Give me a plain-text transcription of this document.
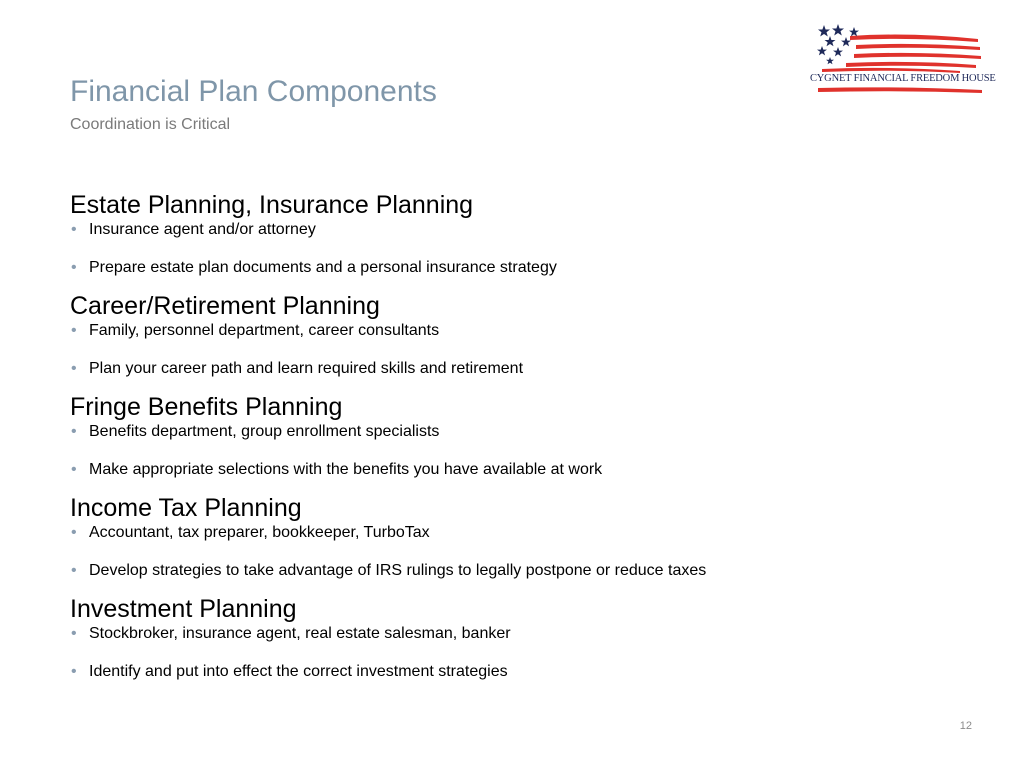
CYGNET FINANCIAL FREEDOM HOUSE
Financial Plan Components
Coordination is Critical
Estate Planning, Insurance Planning
• Insurance agent and/or attorney
• Prepare estate plan documents and a personal insurance strategy
Career/Retirement Planning
• Family, personnel department, career consultants
• Plan your career path and learn required skills and retirement
Fringe Benefits Planning
• Benefits department, group enrollment specialists
• Make appropriate selections with the benefits you have available at work
Income Tax Planning
• Accountant, tax preparer, bookkeeper, TurboTax
• Develop strategies to take advantage of IRS rulings to legally postpone or reduce taxes
Investment Planning
• Stockbroker, insurance agent, real estate salesman, banker
• Identify and put into effect the correct investment strategies
12
